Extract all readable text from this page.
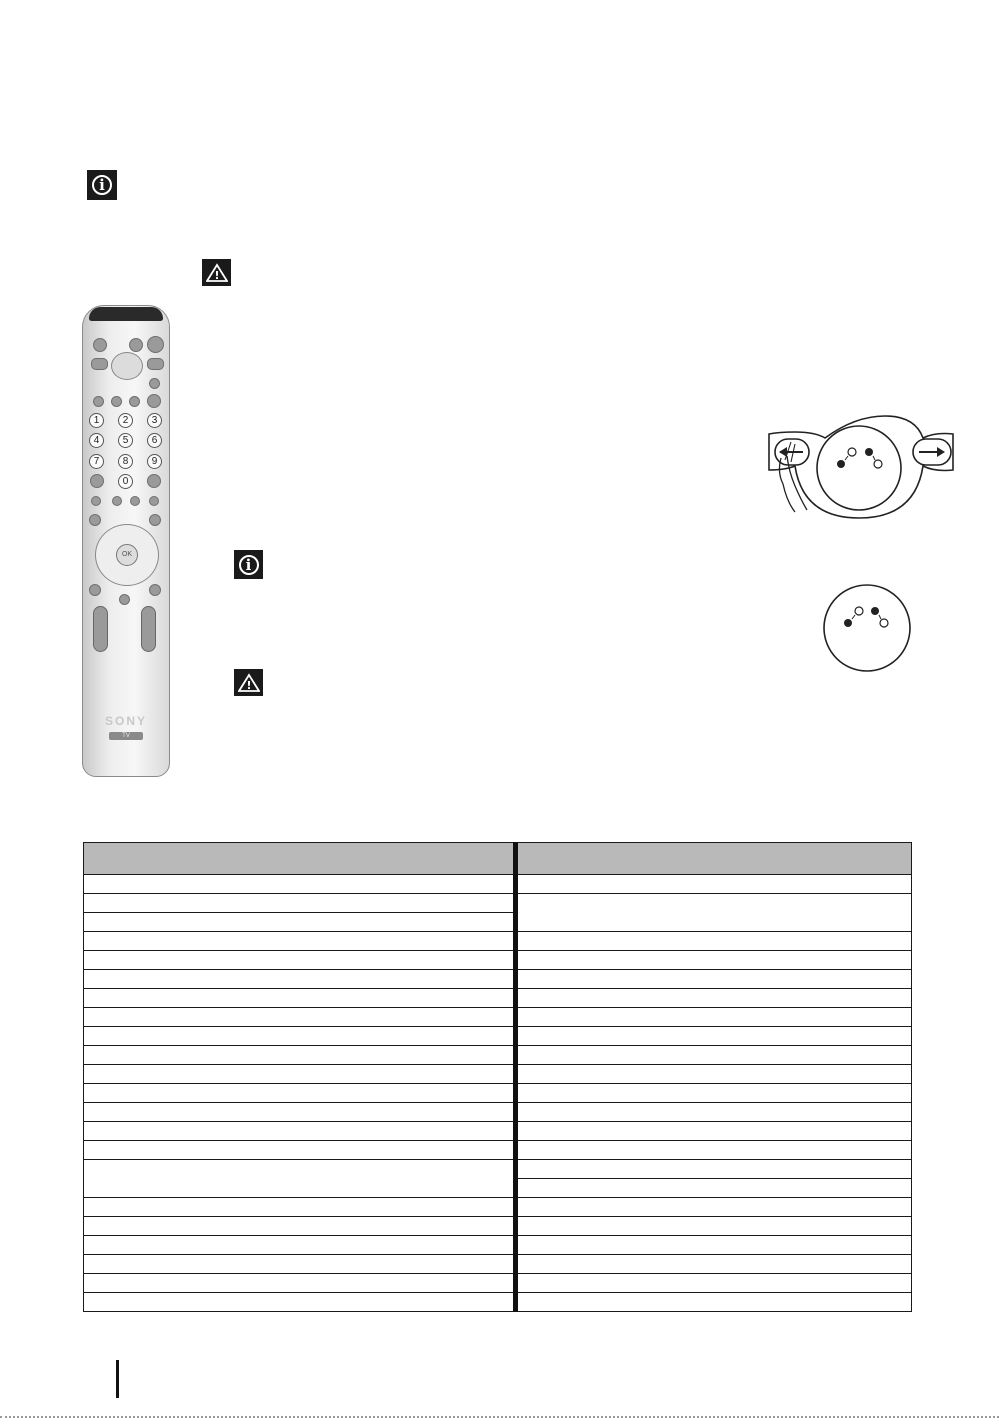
i
!
1	2	3
4	5	6
7	8	9
0
OK
SONY
TV
i
!
